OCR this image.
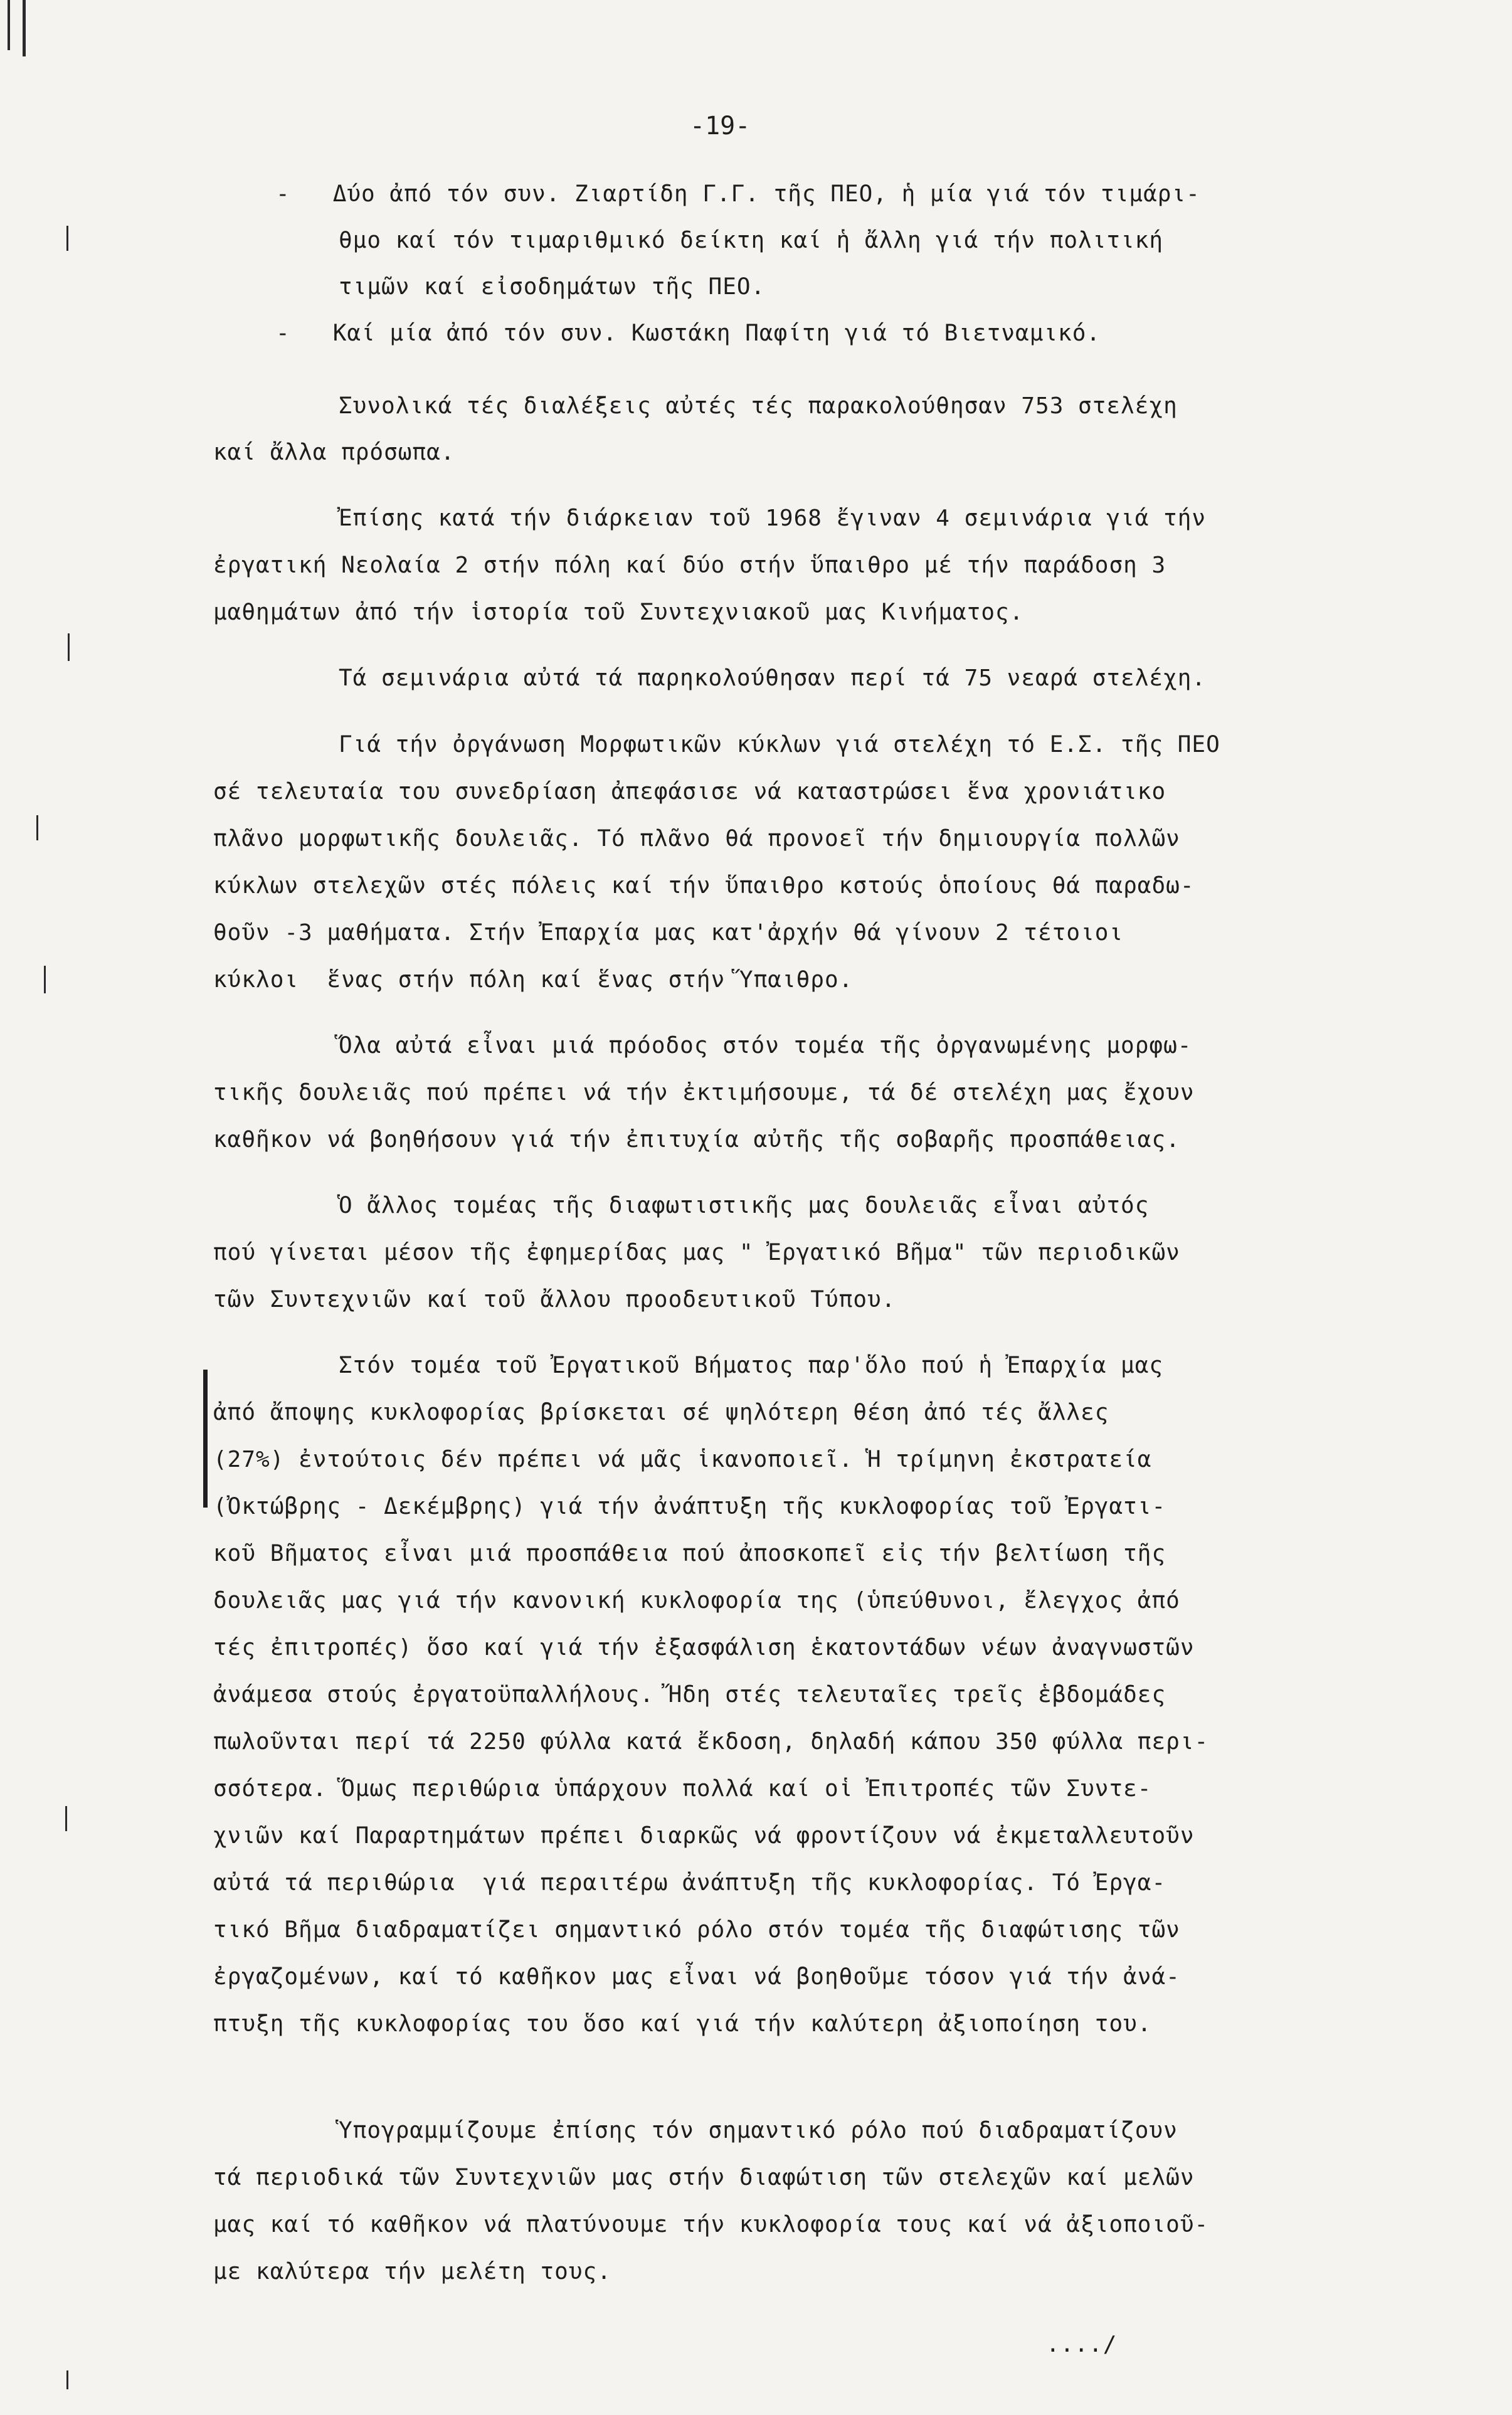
-19-
-   Δύο ἀπό τόν συν. Ζιαρτίδη Γ.Γ. τῆς ΠΕΟ, ἡ μία γιά τόν τιμάρι-
θμο καί τόν τιμαριθμικό δείκτη καί ἡ ἄλλη γιά τήν πολιτική
τιμῶν καί εἰσοδημάτων τῆς ΠΕΟ.
-   Καί μία ἀπό τόν συν. Κωστάκη Παφίτη γιά τό Βιετναμικό.
Συνολικά τές διαλέξεις αὐτές τές παρακολούθησαν 753 στελέχη
καί ἄλλα πρόσωπα.
Ἐπίσης κατά τήν διάρκειαν τοῦ 1968 ἔγιναν 4 σεμινάρια γιά τήν
ἐργατική Νεολαία 2 στήν πόλη καί δύο στήν ὕπαιθρο μέ τήν παράδοση 3
μαθημάτων ἀπό τήν ἱστορία τοῦ Συντεχνιακοῦ μας Κινήματος.
Τά σεμινάρια αὐτά τά παρηκολούθησαν περί τά 75 νεαρά στελέχη.
Γιά τήν ὀργάνωση Μορφωτικῶν κύκλων γιά στελέχη τό Ε.Σ. τῆς ΠΕΟ
σέ τελευταία του συνεδρίαση ἀπεφάσισε νά καταστρώσει ἕνα χρονιάτικο
πλᾶνο μορφωτικῆς δουλειᾶς. Τό πλᾶνο θά προνοεῖ τήν δημιουργία πολλῶν
κύκλων στελεχῶν στές πόλεις καί τήν ὕπαιθρο κστούς ὁποίους θά παραδω-
θοῦν -3 μαθήματα. Στήν Ἐπαρχία μας κατ'ἀρχήν θά γίνουν 2 τέτοιοι
κύκλοι  ἕνας στήν πόλη καί ἕνας στήν Ὕπαιθρο.
Ὅλα αὐτά εἶναι μιά πρόοδος στόν τομέα τῆς ὀργανωμένης μορφω-
τικῆς δουλειᾶς πού πρέπει νά τήν ἐκτιμήσουμε, τά δέ στελέχη μας ἔχουν
καθῆκον νά βοηθήσουν γιά τήν ἐπιτυχία αὐτῆς τῆς σοβαρῆς προσπάθειας.
Ὁ ἄλλος τομέας τῆς διαφωτιστικῆς μας δουλειᾶς εἶναι αὐτός
πού γίνεται μέσον τῆς ἐφημερίδας μας " Ἐργατικό Βῆμα" τῶν περιοδικῶν
τῶν Συντεχνιῶν καί τοῦ ἄλλου προοδευτικοῦ Τύπου.
Στόν τομέα τοῦ Ἐργατικοῦ Βήματος παρ'ὅλο πού ἡ Ἐπαρχία μας
ἀπό ἄποψης κυκλοφορίας βρίσκεται σέ ψηλότερη θέση ἀπό τές ἄλλες
(27%) ἐντούτοις δέν πρέπει νά μᾶς ἱκανοποιεῖ. Ἡ τρίμηνη ἐκστρατεία
(Ὀκτώβρης - Δεκέμβρης) γιά τήν ἀνάπτυξη τῆς κυκλοφορίας τοῦ Ἐργατι-
κοῦ Βῆματος εἶναι μιά προσπάθεια πού ἀποσκοπεῖ εἰς τήν βελτίωση τῆς
δουλειᾶς μας γιά τήν κανονική κυκλοφορία της (ὑπεύθυνοι, ἔλεγχος ἀπό
τές ἐπιτροπές) ὅσο καί γιά τήν ἐξασφάλιση ἑκατοντάδων νέων ἀναγνωστῶν
ἀνάμεσα στούς ἐργατοϋπαλλήλους. Ἤδη στές τελευταῖες τρεῖς ἑβδομάδες
πωλοῦνται περί τά 2250 φύλλα κατά ἔκδοση, δηλαδή κάπου 350 φύλλα περι-
σσότερα. Ὅμως περιθώρια ὑπάρχουν πολλά καί οἱ Ἐπιτροπές τῶν Συντε-
χνιῶν καί Παραρτημάτων πρέπει διαρκῶς νά φροντίζουν νά ἐκμεταλλευτοῦν
αὐτά τά περιθώρια  γιά περαιτέρω ἀνάπτυξη τῆς κυκλοφορίας. Τό Ἐργα-
τικό Βῆμα διαδραματίζει σημαντικό ρόλο στόν τομέα τῆς διαφώτισης τῶν
ἐργαζομένων, καί τό καθῆκον μας εἶναι νά βοηθοῦμε τόσον γιά τήν ἀνά-
πτυξη τῆς κυκλοφορίας του ὅσο καί γιά τήν καλύτερη ἀξιοποίηση του.
Ὑπογραμμίζουμε ἐπίσης τόν σημαντικό ρόλο πού διαδραματίζουν
τά περιοδικά τῶν Συντεχνιῶν μας στήν διαφώτιση τῶν στελεχῶν καί μελῶν
μας καί τό καθῆκον νά πλατύνουμε τήν κυκλοφορία τους καί νά ἀξιοποιοῦ-
με καλύτερα τήν μελέτη τους.
..../
